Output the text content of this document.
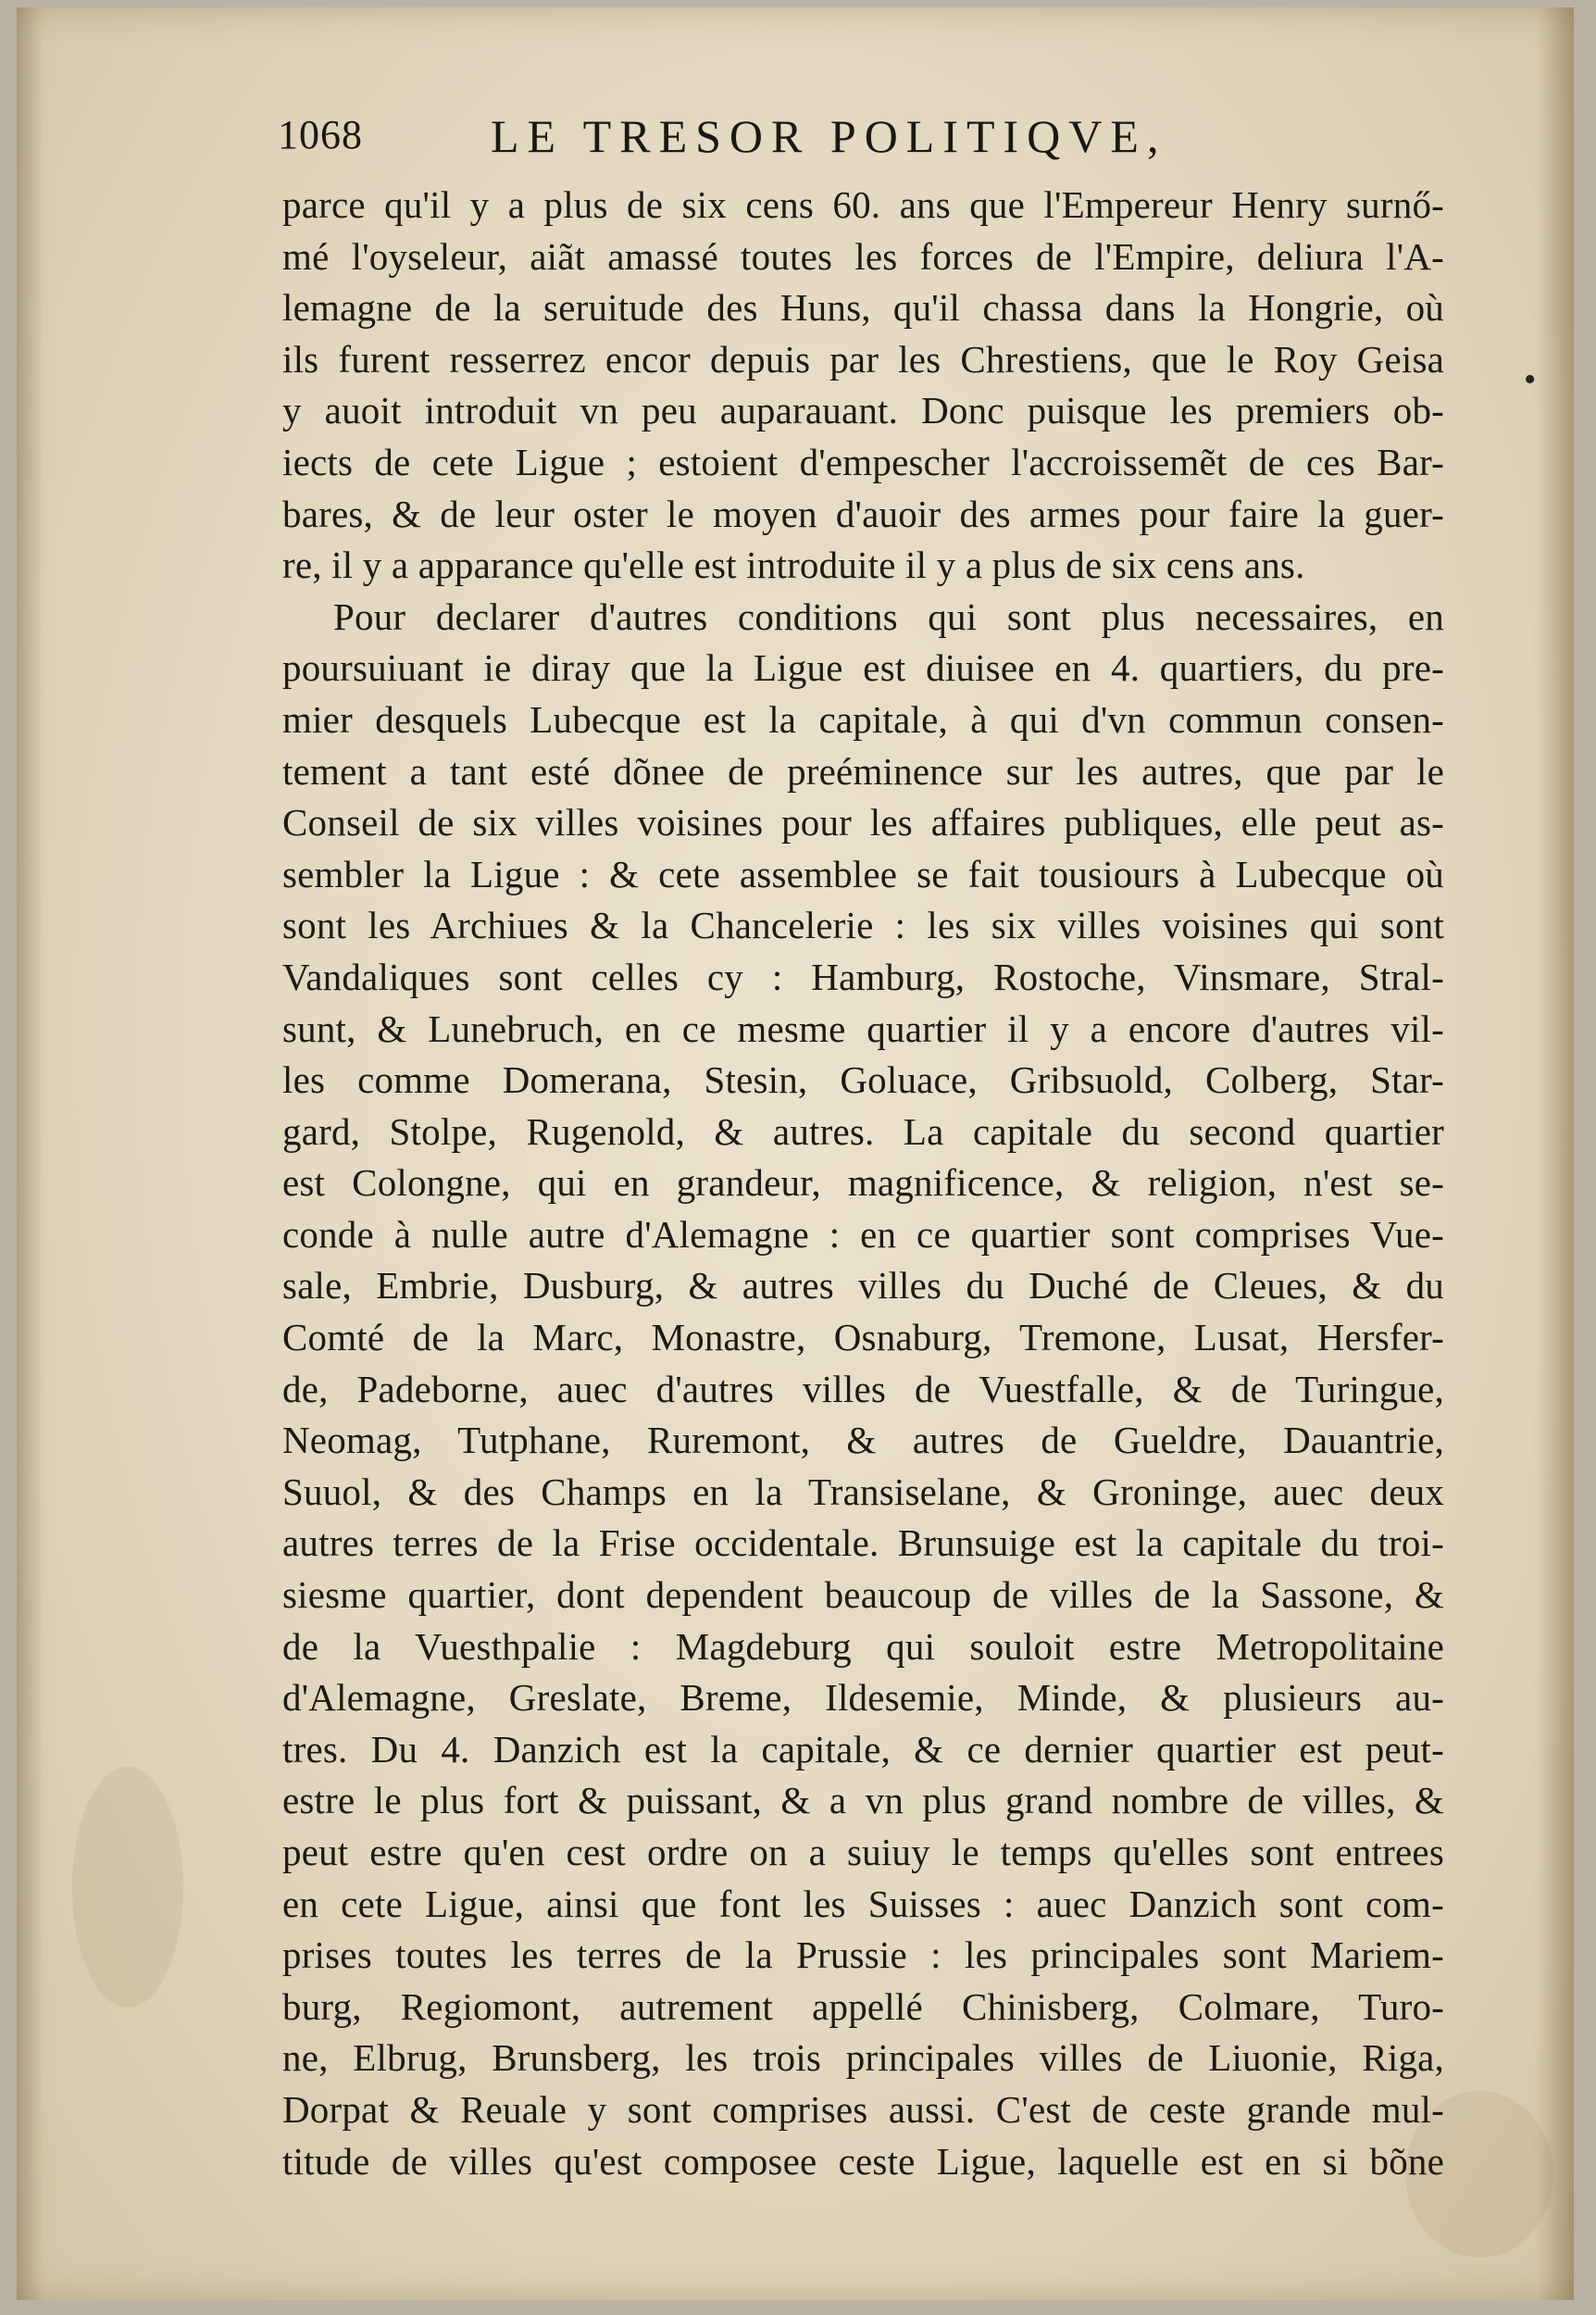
1068	LE TRESOR POLITIQVE,
•
parce qu'il y a plus de six cens 60. ans que l'Empereur Henry surnő-
mé l'oyseleur, aiãt amassé toutes les forces de l'Empire, deliura l'A-
lemagne de la seruitude des Huns, qu'il chassa dans la Hongrie, où
ils furent resserrez encor depuis par les Chrestiens, que le Roy Geisa
y auoit introduit vn peu auparauant. Donc puisque les premiers ob-
iects de cete Ligue ; estoient d'empescher l'accroissemẽt de ces Bar-
bares, & de leur oster le moyen d'auoir des armes pour faire la guer-
re, il y a apparance qu'elle est introduite il y a plus de six cens ans.
Pour declarer d'autres conditions qui sont plus necessaires, en
poursuiuant ie diray que la Ligue est diuisee en 4. quartiers, du pre-
mier desquels Lubecque est la capitale, à qui d'vn commun consen-
tement a tant esté dõnee de preéminence sur les autres, que par le
Conseil de six villes voisines pour les affaires publiques, elle peut as-
sembler la Ligue : & cete assemblee se fait tousiours à Lubecque où
sont les Archiues & la Chancelerie : les six villes voisines qui sont
Vandaliques sont celles cy : Hamburg, Rostoche, Vinsmare, Stral-
sunt, & Lunebruch, en ce mesme quartier il y a encore d'autres vil-
les comme Domerana, Stesin, Goluace, Gribsuold, Colberg, Star-
gard, Stolpe, Rugenold, & autres. La capitale du second quartier
est Colongne, qui en grandeur, magnificence, & religion, n'est se-
conde à nulle autre d'Alemagne : en ce quartier sont comprises Vue-
sale, Embrie, Dusburg, & autres villes du Duché de Cleues, & du
Comté de la Marc, Monastre, Osnaburg, Tremone, Lusat, Hersfer-
de, Padeborne, auec d'autres villes de Vuestfalle, & de Turingue,
Neomag, Tutphane, Ruremont, & autres de Gueldre, Dauantrie,
Suuol, & des Champs en la Transiselane, & Groninge, auec deux
autres terres de la Frise occidentale. Brunsuige est la capitale du troi-
siesme quartier, dont dependent beaucoup de villes de la Sassone, &
de la Vuesthpalie : Magdeburg qui souloit estre Metropolitaine
d'Alemagne, Greslate, Breme, Ildesemie, Minde, & plusieurs au-
tres. Du 4. Danzich est la capitale, & ce dernier quartier est peut-
estre le plus fort & puissant, & a vn plus grand nombre de villes, &
peut estre qu'en cest ordre on a suiuy le temps qu'elles sont entrees
en cete Ligue, ainsi que font les Suisses : auec Danzich sont com-
prises toutes les terres de la Prussie : les principales sont Mariem-
burg, Regiomont, autrement appellé Chinisberg, Colmare, Turo-
ne, Elbrug, Brunsberg, les trois principales villes de Liuonie, Riga,
Dorpat & Reuale y sont comprises aussi. C'est de ceste grande mul-
titude de villes qu'est composee ceste Ligue, laquelle est en si bõne
